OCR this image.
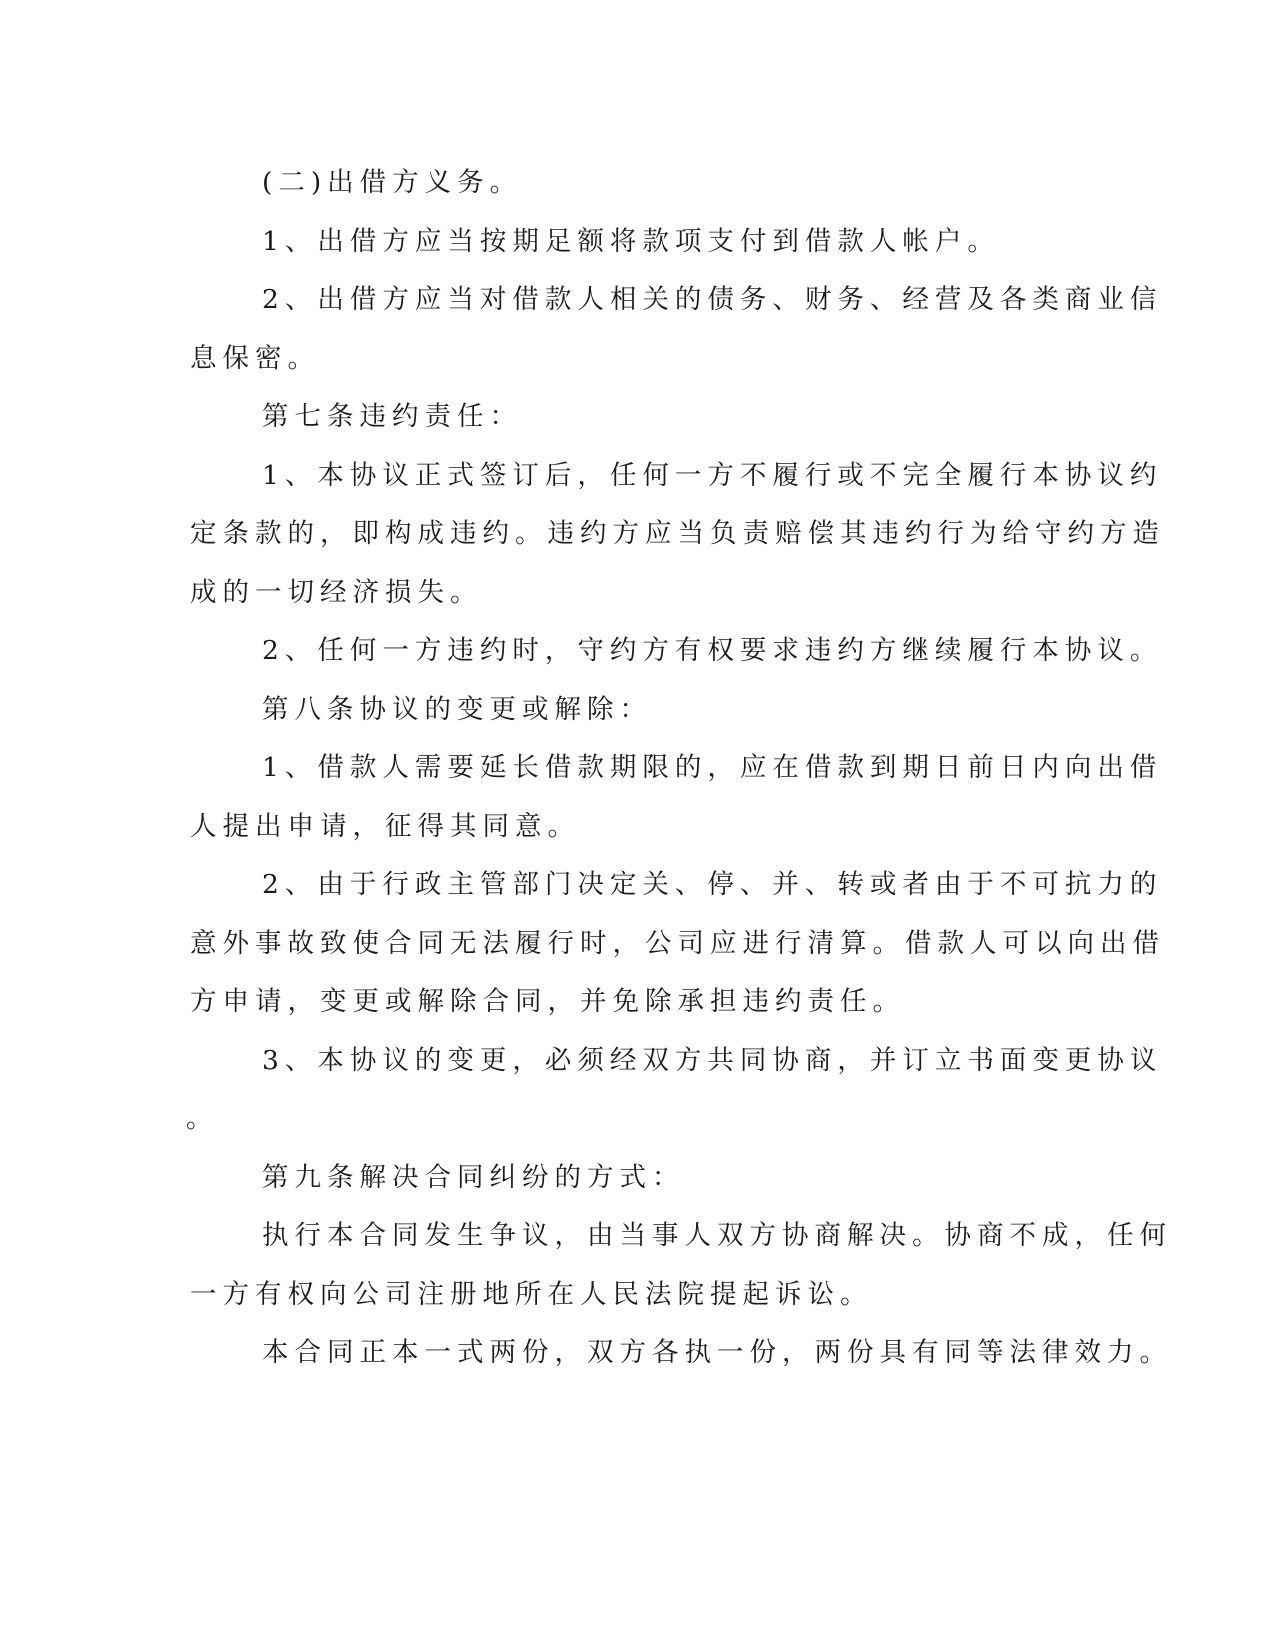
(二)出借方义务。
1、出借方应当按期足额将款项支付到借款人帐户。
2、出借方应当对借款人相关的债务、财务、经营及各类商业信
息保密。
第七条违约责任：
1、本协议正式签订后，任何一方不履行或不完全履行本协议约
定条款的，即构成违约。违约方应当负责赔偿其违约行为给守约方造
成的一切经济损失。
2、任何一方违约时，守约方有权要求违约方继续履行本协议。
第八条协议的变更或解除：
1、借款人需要延长借款期限的，应在借款到期日前日内向出借
人提出申请，征得其同意。
2、由于行政主管部门决定关、停、并、转或者由于不可抗力的
意外事故致使合同无法履行时，公司应进行清算。借款人可以向出借
方申请，变更或解除合同，并免除承担违约责任。
3、本协议的变更，必须经双方共同协商，并订立书面变更协议
。
第九条解决合同纠纷的方式：
执行本合同发生争议，由当事人双方协商解决。协商不成，任何
一方有权向公司注册地所在人民法院提起诉讼。
本合同正本一式两份，双方各执一份，两份具有同等法律效力。
